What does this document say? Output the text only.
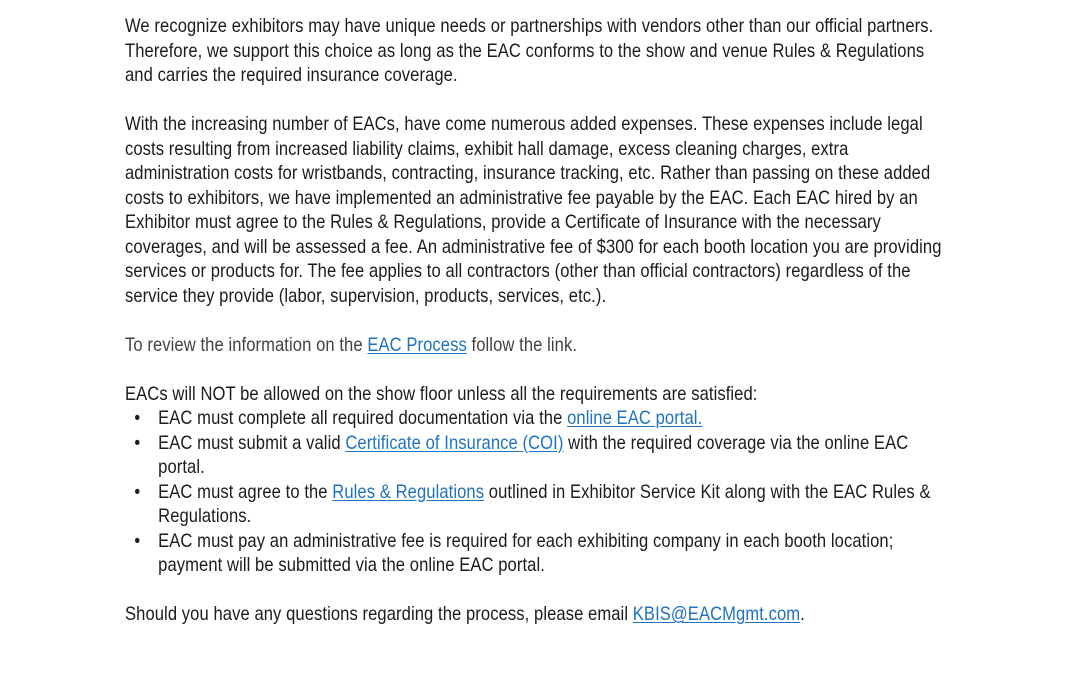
We recognize exhibitors may have unique needs or partnerships with vendors other than our official partners. Therefore, we support this choice as long as the EAC conforms to the show and venue Rules & Regulations and carries the required insurance coverage.

With the increasing number of EACs, have come numerous added expenses. These expenses include legal costs resulting from increased liability claims, exhibit hall damage, excess cleaning charges, extra administration costs for wristbands, contracting, insurance tracking, etc. Rather than passing on these added costs to exhibitors, we have implemented an administrative fee payable by the EAC. Each EAC hired by an Exhibitor must agree to the Rules & Regulations, provide a Certificate of Insurance with the necessary coverages, and will be assessed a fee. An administrative fee of $300 for each booth location you are providing services or products for. The fee applies to all contractors (other than official contractors) regardless of the service they provide (labor, supervision, products, services, etc.).

To review the information on the EAC Process follow the link.

EACs will NOT be allowed on the show floor unless all the requirements are satisfied:

• EAC must complete all required documentation via the online EAC portal.
• EAC must submit a valid Certificate of Insurance (COI) with the required coverage via the online EAC portal.
• EAC must agree to the Rules & Regulations outlined in Exhibitor Service Kit along with the EAC Rules & Regulations.
• EAC must pay an administrative fee is required for each exhibiting company in each booth location; payment will be submitted via the online EAC portal.

Should you have any questions regarding the process, please email KBIS@EACMgmt.com.
